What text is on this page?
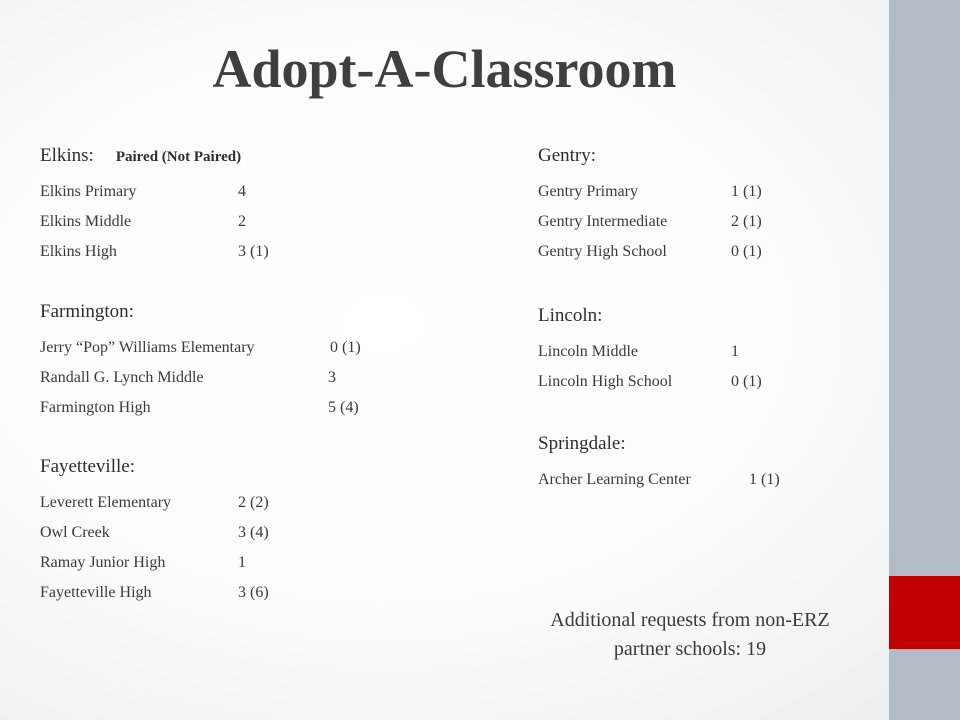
Adopt-A-Classroom
Elkins: Paired (Not Paired)
Elkins Primary	4
Elkins Middle	2
Elkins High	3 (1)
Farmington:
Jerry “Pop” Williams Elementary	0 (1)
Randall G. Lynch Middle	3
Farmington High	5 (4)
Fayetteville:
Leverett Elementary	2 (2)
Owl Creek	3 (4)
Ramay Junior High	1
Fayetteville High	3 (6)
Gentry:
Gentry Primary	1 (1)
Gentry Intermediate	2 (1)
Gentry High School	0 (1)
Lincoln:
Lincoln Middle	1
Lincoln High School	0 (1)
Springdale:
Archer Learning Center	1 (1)
Additional requests from non-ERZ
partner schools: 19
